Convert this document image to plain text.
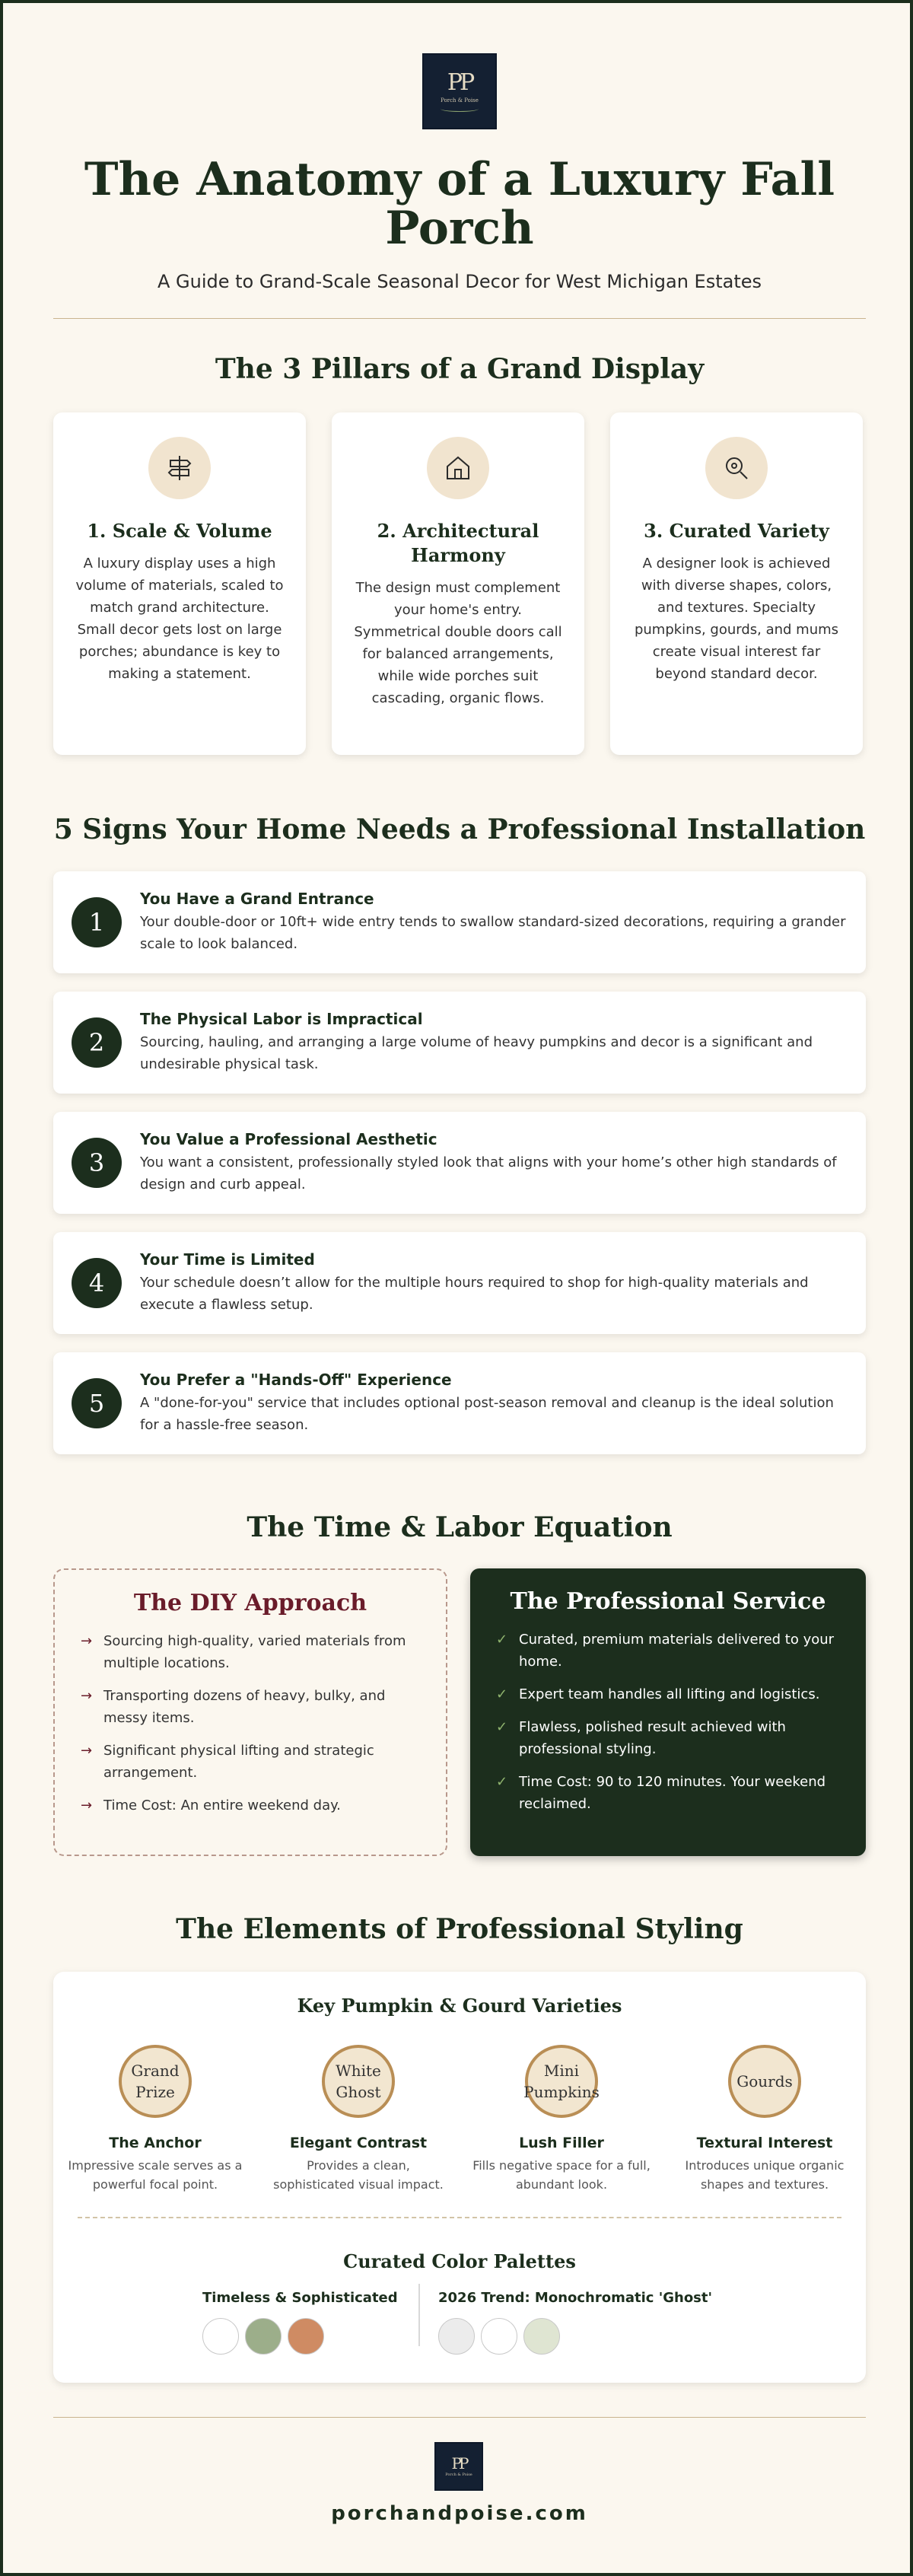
PP
Porch & Poise
The Anatomy of a Luxury Fall Porch
A Guide to Grand-Scale Seasonal Decor for West Michigan Estates
The 3 Pillars of a Grand Display
1. Scale & Volume

A luxury display uses a high volume of materials, scaled to match grand architecture. Small decor gets lost on large porches; abundance is key to making a statement.

2. Architectural Harmony

The design must complement your home's entry. Symmetrical double doors call for balanced arrangements, while wide porches suit cascading, organic flows.

3. Curated Variety

A designer look is achieved with diverse shapes, colors, and textures. Specialty pumpkins, gourds, and mums create visual interest far beyond standard decor.

5 Signs Your Home Needs a Professional Installation
1
You Have a Grand Entrance
Your double-door or 10ft+ wide entry tends to swallow standard-sized decorations, requiring a grander scale to look balanced.
2
The Physical Labor is Impractical
Sourcing, hauling, and arranging a large volume of heavy pumpkins and decor is a significant and undesirable physical task.
3
You Value a Professional Aesthetic
You want a consistent, professionally styled look that aligns with your home’s other high standards of design and curb appeal.
4
Your Time is Limited
Your schedule doesn’t allow for the multiple hours required to shop for high-quality materials and execute a flawless setup.
5
You Prefer a "Hands-Off" Experience
A "done-for-you" service that includes optional post-season removal and cleanup is the ideal solution for a hassle-free season.
The Time & Labor Equation
The DIY Approach
→ Sourcing high-quality, varied materials from multiple locations.
→ Transporting dozens of heavy, bulky, and messy items.
→ Significant physical lifting and strategic arrangement.
→ Time Cost: An entire weekend day.
The Professional Service
✓ Curated, premium materials delivered to your home.
✓ Expert team handles all lifting and logistics.
✓ Flawless, polished result achieved with professional styling.
✓ Time Cost: 90 to 120 minutes. Your weekend reclaimed.
The Elements of Professional Styling
Key Pumpkin & Gourd Varieties
Grand Prize
The Anchor
Impressive scale serves as a powerful focal point.
White Ghost
Elegant Contrast
Provides a clean, sophisticated visual impact.
Mini Pumpkins
Lush Filler
Fills negative space for a full, abundant look.
Gourds
Textural Interest
Introduces unique organic shapes and textures.
Curated Color Palettes
Timeless & Sophisticated	2026 Trend: Monochromatic 'Ghost'
PP
Porch & Poise
porchandpoise.com
